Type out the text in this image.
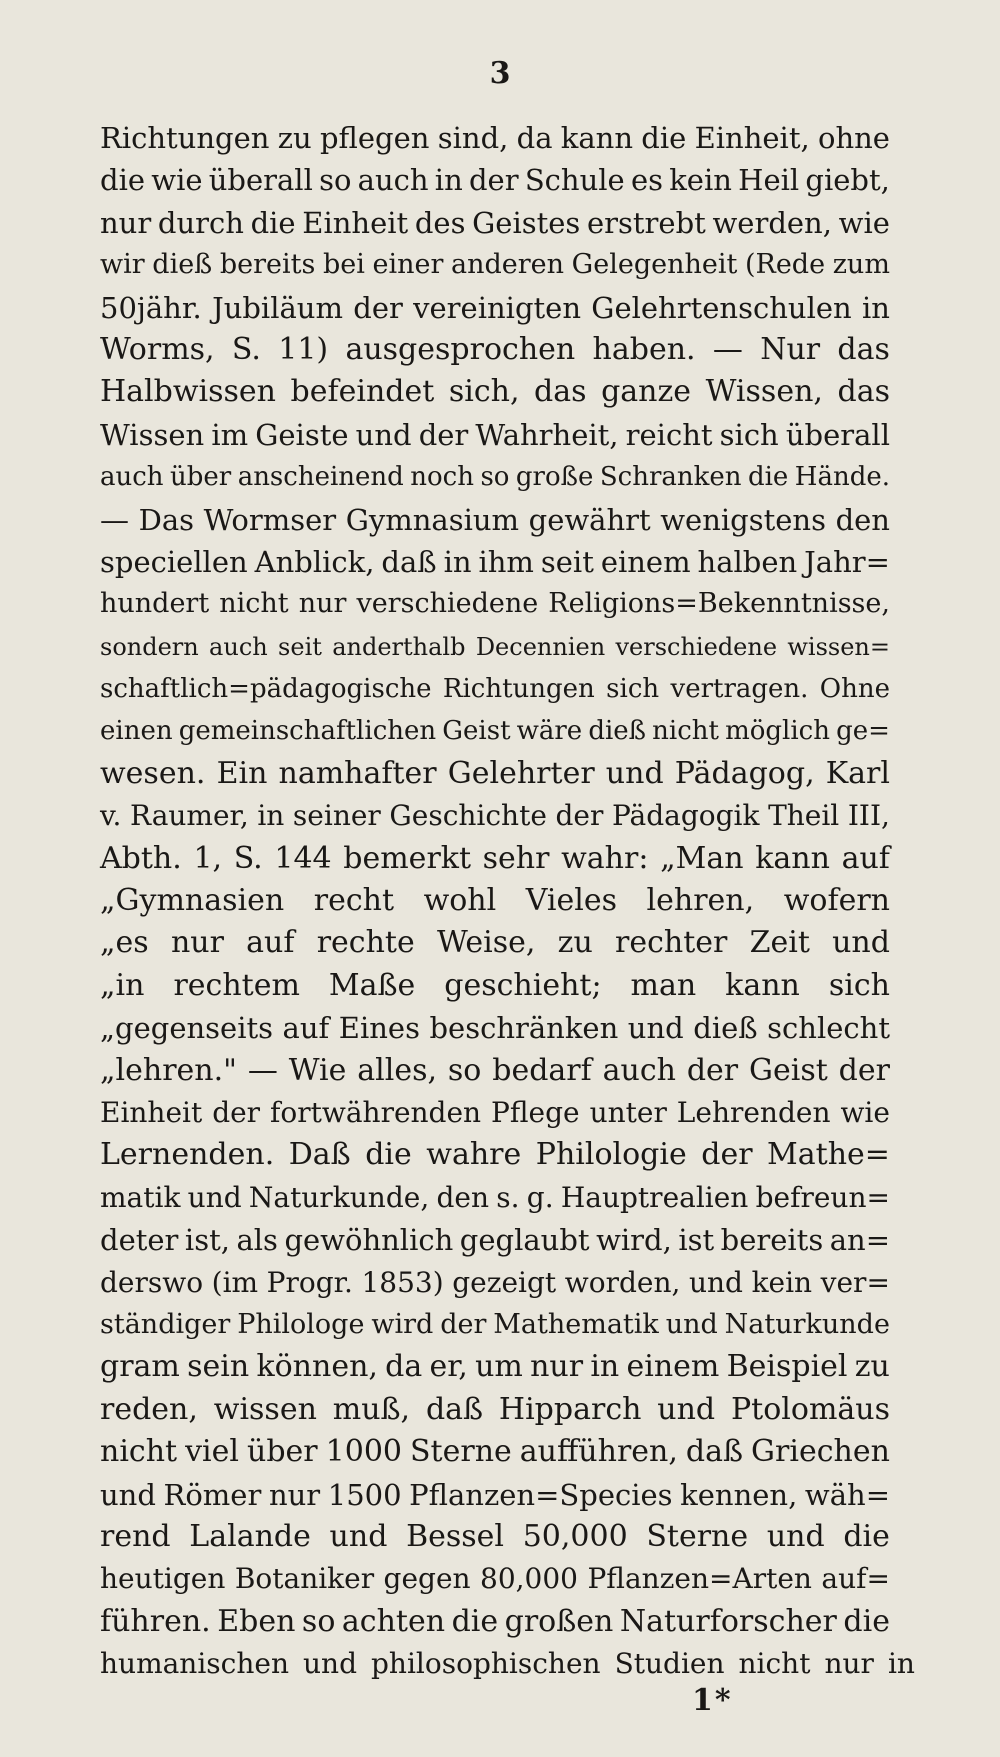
3
Richtungen zu pflegen sind, da kann die Einheit, ohne
die wie überall so auch in der Schule es kein Heil giebt,
nur durch die Einheit des Geistes erstrebt werden, wie
wir dieß bereits bei einer anderen Gelegenheit (Rede zum
50jähr. Jubiläum der vereinigten Gelehrtenschulen in
Worms, S. 11) ausgesprochen haben. — Nur das
Halbwissen befeindet sich, das ganze Wissen, das
Wissen im Geiste und der Wahrheit, reicht sich überall
auch über anscheinend noch so große Schranken die Hände.
— Das Wormser Gymnasium gewährt wenigstens den
speciellen Anblick, daß in ihm seit einem halben Jahr=
hundert nicht nur verschiedene Religions=Bekenntnisse,
sondern auch seit anderthalb Decennien verschiedene wissen=
schaftlich=pädagogische Richtungen sich vertragen. Ohne
einen gemeinschaftlichen Geist wäre dieß nicht möglich ge=
wesen. Ein namhafter Gelehrter und Pädagog, Karl
v. Raumer, in seiner Geschichte der Pädagogik Theil III,
Abth. 1, S. 144 bemerkt sehr wahr: „Man kann auf
„Gymnasien recht wohl Vieles lehren, wofern
„es nur auf rechte Weise, zu rechter Zeit und
„in rechtem Maße geschieht; man kann sich
„gegenseits auf Eines beschränken und dieß schlecht
„lehren." — Wie alles, so bedarf auch der Geist der
Einheit der fortwährenden Pflege unter Lehrenden wie
Lernenden. Daß die wahre Philologie der Mathe=
matik und Naturkunde, den s. g. Hauptrealien befreun=
deter ist, als gewöhnlich geglaubt wird, ist bereits an=
derswo (im Progr. 1853) gezeigt worden, und kein ver=
ständiger Philologe wird der Mathematik und Naturkunde
gram sein können, da er, um nur in einem Beispiel zu
reden, wissen muß, daß Hipparch und Ptolomäus
nicht viel über 1000 Sterne aufführen, daß Griechen
und Römer nur 1500 Pflanzen=Species kennen, wäh=
rend Lalande und Bessel 50,000 Sterne und die
heutigen Botaniker gegen 80,000 Pflanzen=Arten auf=
führen. Eben so achten die großen Naturforscher die
humanischen und philosophischen Studien nicht nur in
1*
